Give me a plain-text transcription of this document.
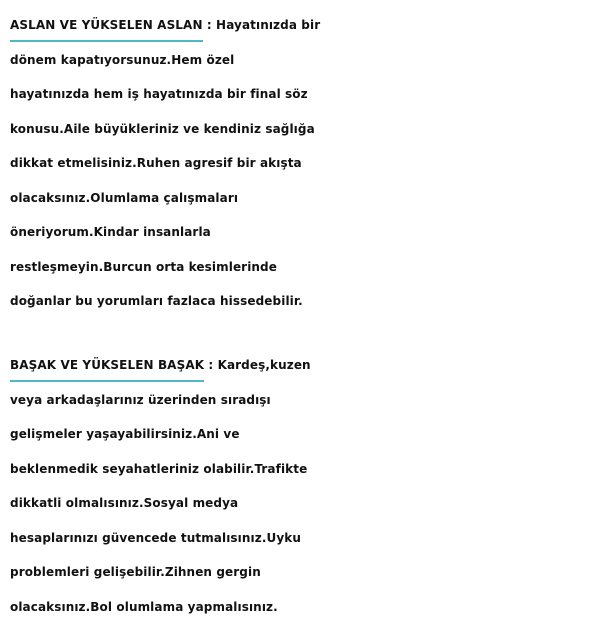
ASLAN VE YÜKSELEN ASLAN : Hayatınızda bir
dönem kapatıyorsunuz.Hem özel
hayatınızda hem iş hayatınızda bir final söz
konusu.Aile büyükleriniz ve kendiniz sağlığa
dikkat etmelisiniz.Ruhen agresif bir akışta
olacaksınız.Olumlama çalışmaları
öneriyorum.Kindar insanlarla
restleşmeyin.Burcun orta kesimlerinde
doğanlar bu yorumları fazlaca hissedebilir.
BAŞAK VE YÜKSELEN BAŞAK : Kardeş,kuzen
veya arkadaşlarınız üzerinden sıradışı
gelişmeler yaşayabilirsiniz.Ani ve
beklenmedik seyahatleriniz olabilir.Trafikte
dikkatli olmalısınız.Sosyal medya
hesaplarınızı güvencede tutmalısınız.Uyku
problemleri gelişebilir.Zihnen gergin
olacaksınız.Bol olumlama yapmalısınız.
